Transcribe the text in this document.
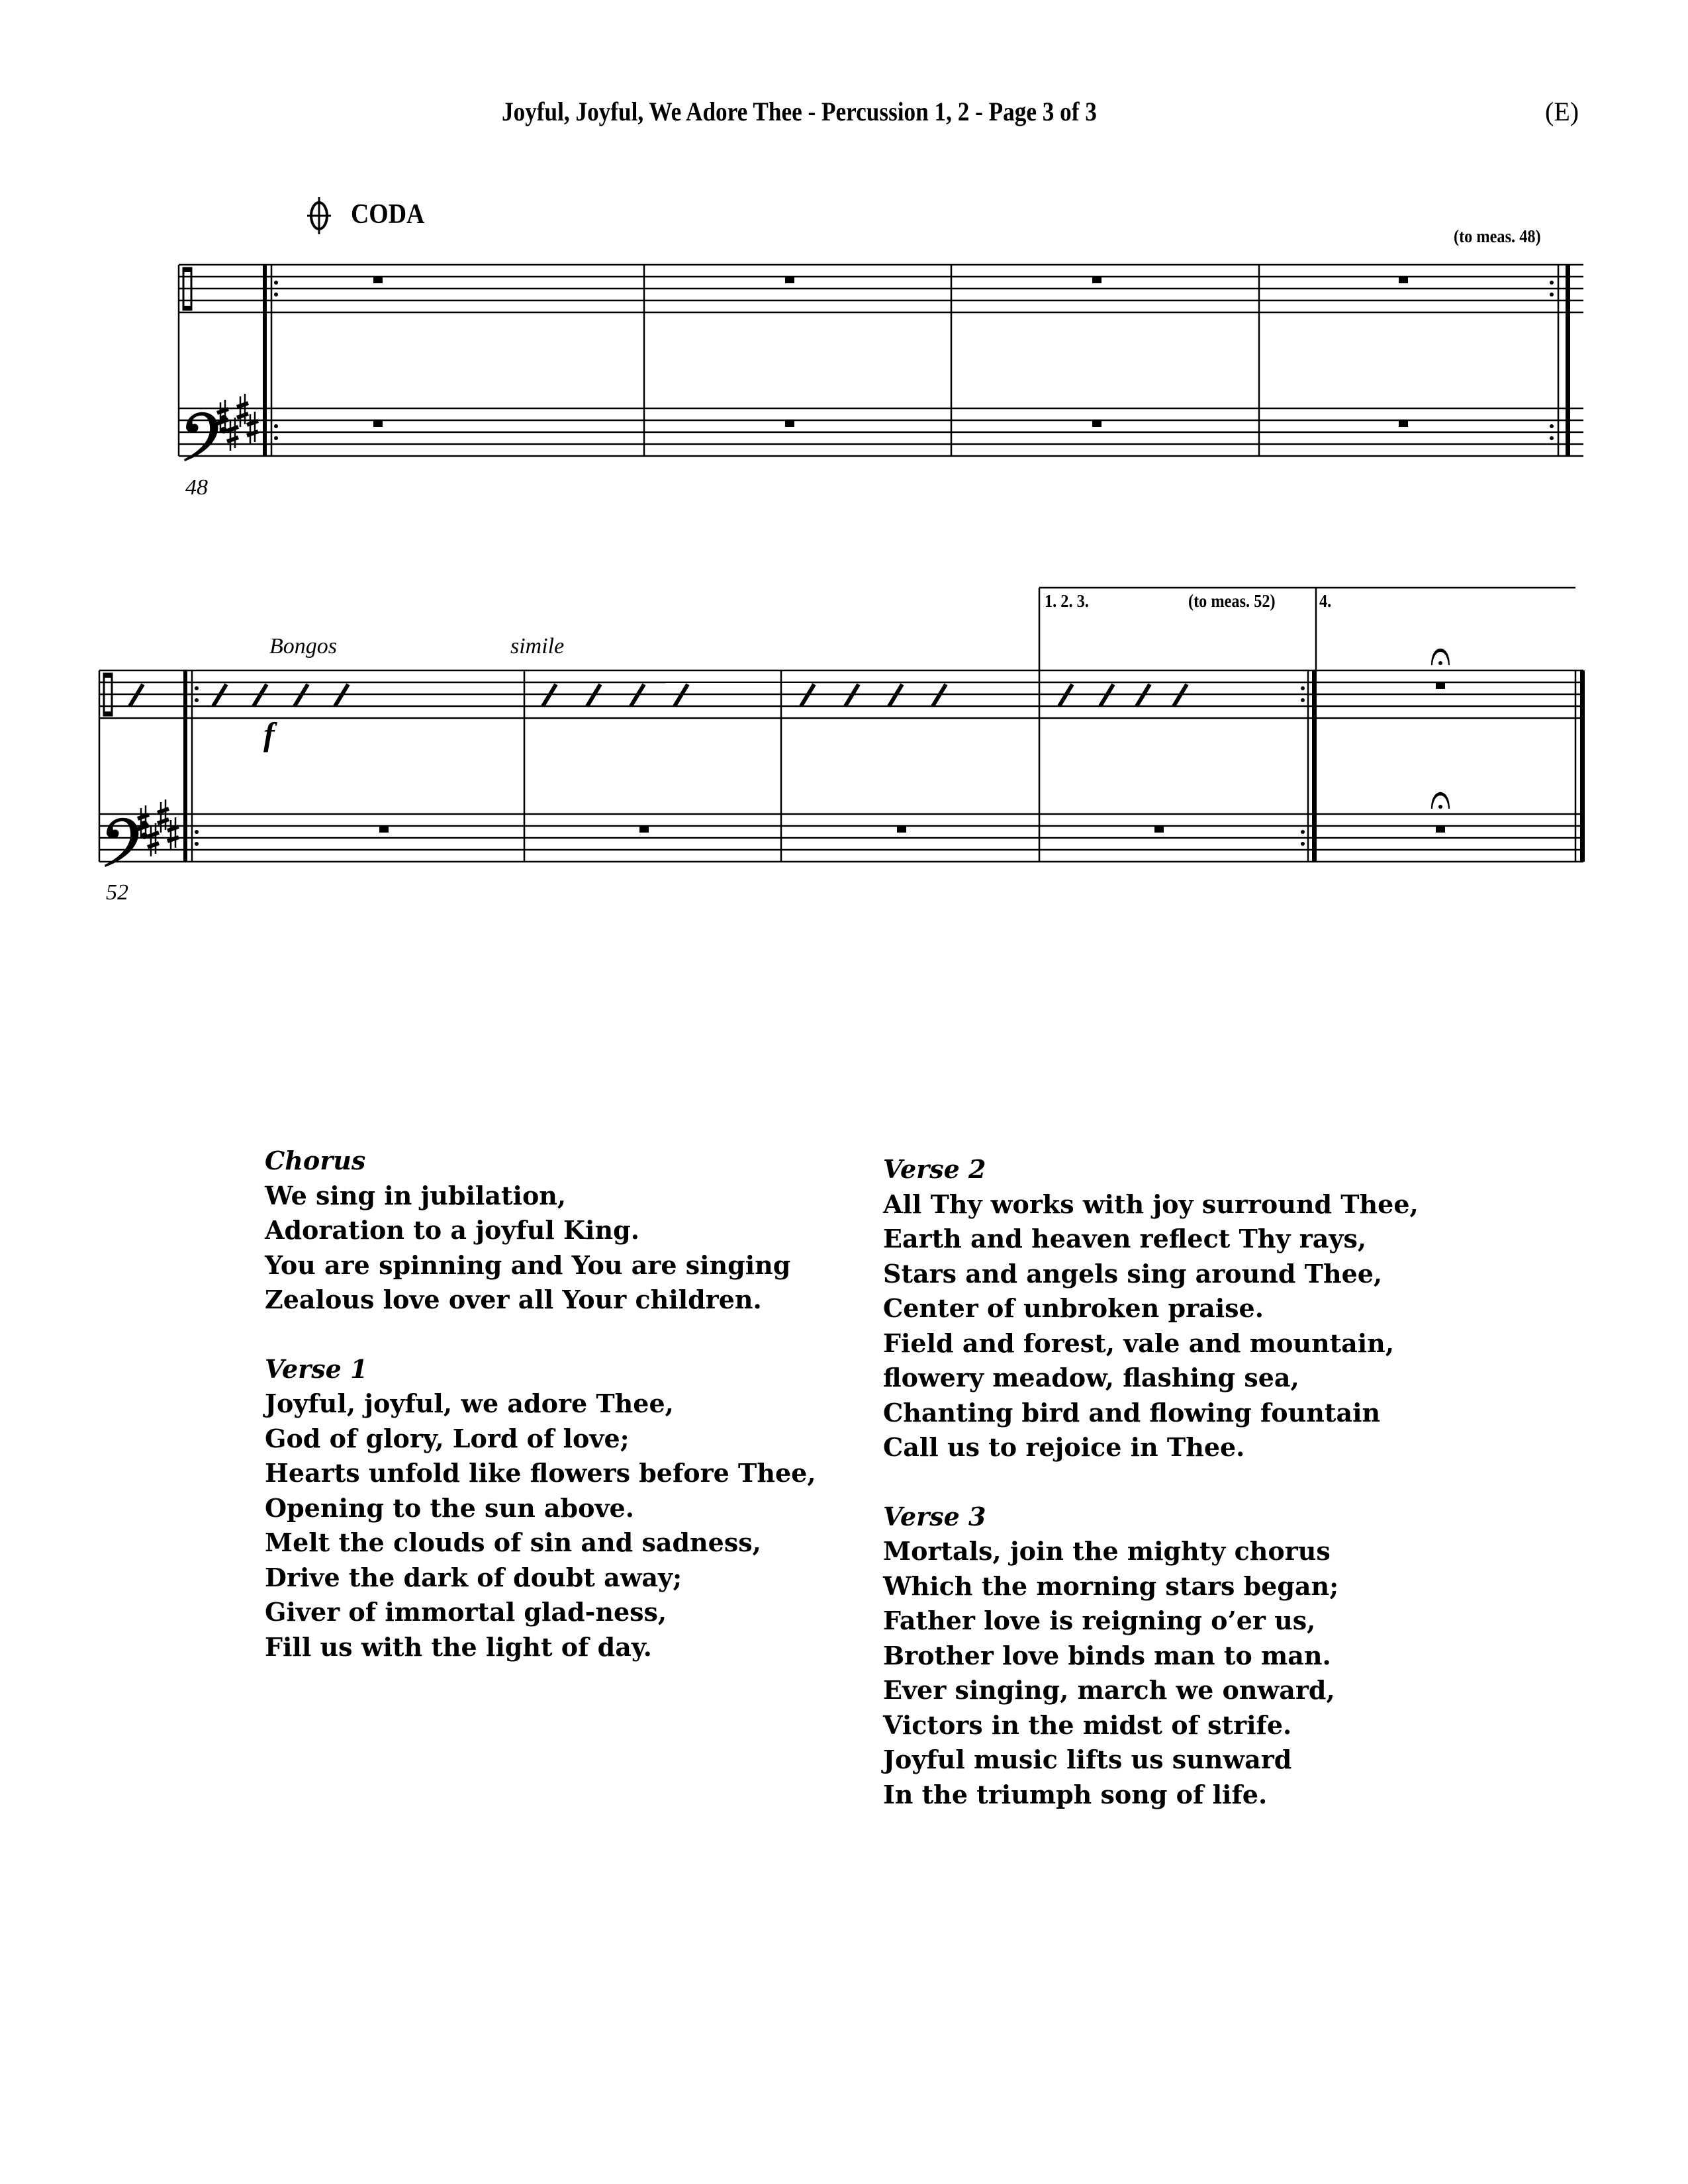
Joyful, Joyful, We Adore Thee - Percussion 1, 2 - Page 3 of 3	(E)
CODA
(to meas. 48)
48
Bongos	simile
f
1. 2. 3.	(to meas. 52) 4.
52
Chorus
We sing in jubilation,
Adoration to a joyful King.
You are spinning and You are singing
Zealous love over all Your children.
Verse 1
Joyful, joyful, we adore Thee,
God of glory, Lord of love;
Hearts unfold like flowers before Thee,
Opening to the sun above.
Melt the clouds of sin and sadness,
Drive the dark of doubt away;
Giver of immortal glad-ness,
Fill us with the light of day.
Verse 2
All Thy works with joy surround Thee,
Earth and heaven reflect Thy rays,
Stars and angels sing around Thee,
Center of unbroken praise.
Field and forest, vale and mountain,
flowery meadow, flashing sea,
Chanting bird and flowing fountain
Call us to rejoice in Thee.
Verse 3
Mortals, join the mighty chorus
Which the morning stars began;
Father love is reigning o’er us,
Brother love binds man to man.
Ever singing, march we onward,
Victors in the midst of strife.
Joyful music lifts us sunward
In the triumph song of life.
